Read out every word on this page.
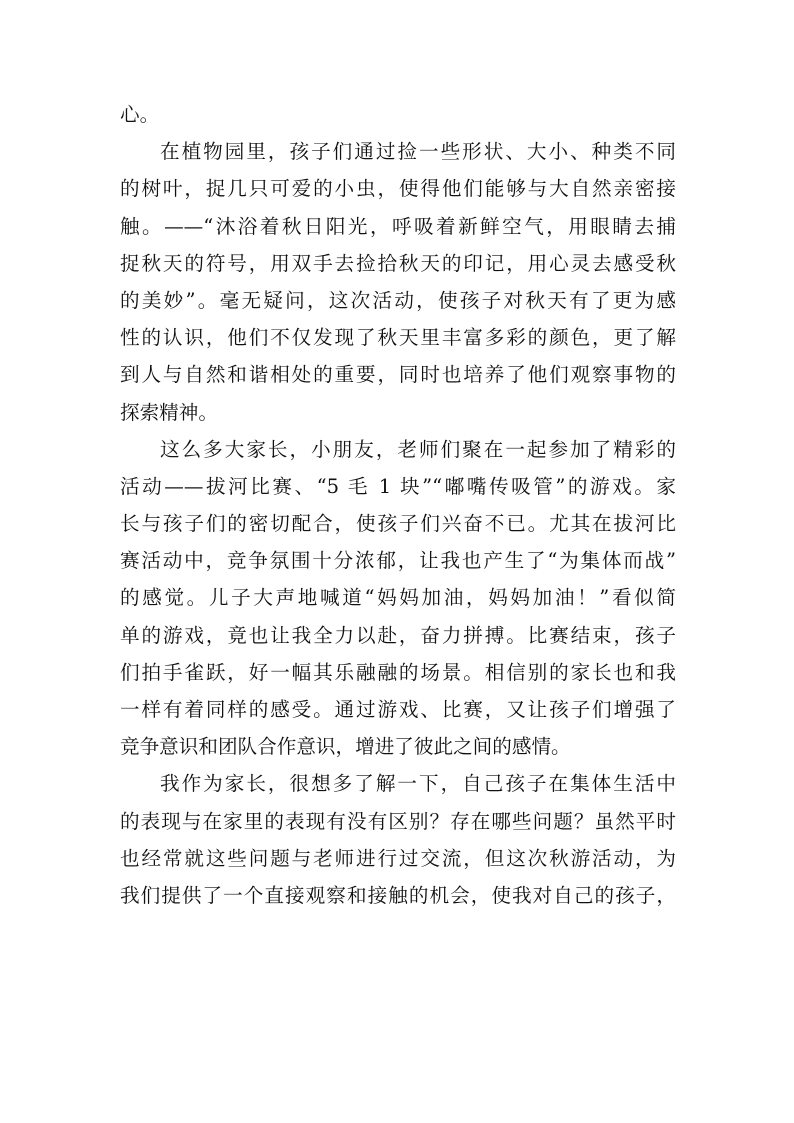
心。
在植物园里，孩子们通过捡一些形状、大小、种类不同
的树叶，捉几只可爱的小虫，使得他们能够与大自然亲密接
触。——“沐浴着秋日阳光，呼吸着新鲜空气，用眼睛去捕
捉秋天的符号，用双手去捡拾秋天的印记，用心灵去感受秋
的美妙”。毫无疑问，这次活动，使孩子对秋天有了更为感
性的认识，他们不仅发现了秋天里丰富多彩的颜色，更了解
到人与自然和谐相处的重要，同时也培养了他们观察事物的
探索精神。
这么多大家长，小朋友，老师们聚在一起参加了精彩的
活动——拔河比赛、“5 毛 1 块”“嘟嘴传吸管”的游戏。家
长与孩子们的密切配合，使孩子们兴奋不已。尤其在拔河比
赛活动中，竞争氛围十分浓郁，让我也产生了“为集体而战”
的感觉。儿子大声地喊道“妈妈加油，妈妈加油！”看似简
单的游戏，竟也让我全力以赴，奋力拼搏。比赛结束，孩子
们拍手雀跃，好一幅其乐融融的场景。相信别的家长也和我
一样有着同样的感受。通过游戏、比赛，又让孩子们增强了
竞争意识和团队合作意识，增进了彼此之间的感情。
我作为家长，很想多了解一下，自己孩子在集体生活中
的表现与在家里的表现有没有区别？存在哪些问题？虽然平时
也经常就这些问题与老师进行过交流，但这次秋游活动，为
我们提供了一个直接观察和接触的机会，使我对自己的孩子，
